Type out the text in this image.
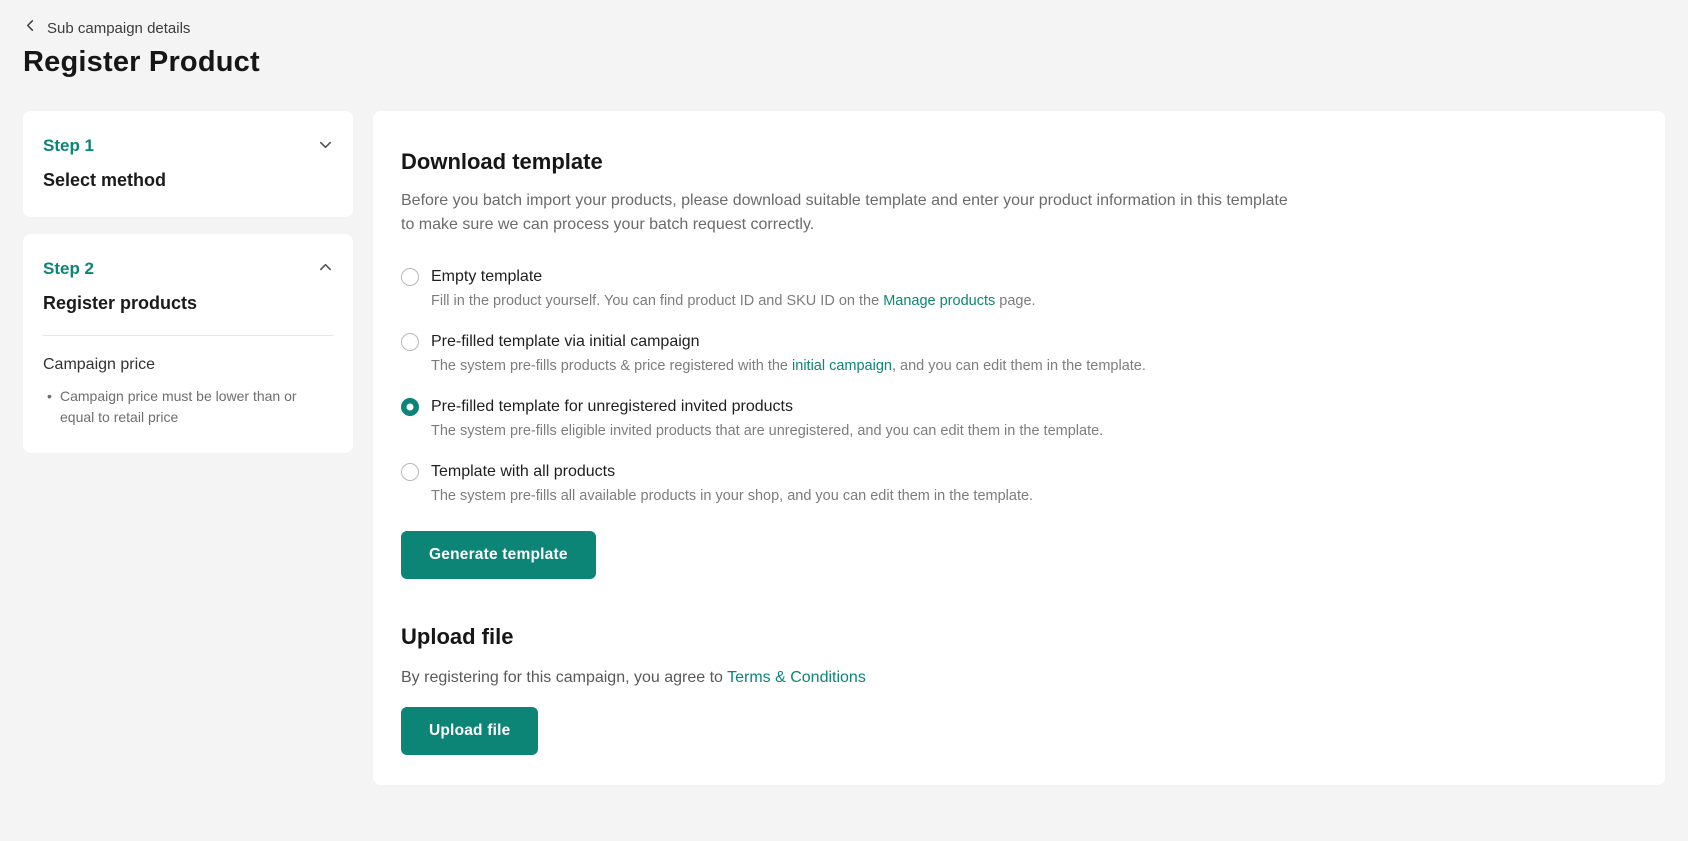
Sub campaign details
Register Product
Step 1
Select method
Step 2
Register products
Campaign price
• Campaign price must be lower than or equal to retail price
Download template
Before you batch import your products, please download suitable template and enter your product information in this template to make sure we can process your batch request correctly.
Empty template
Fill in the product yourself. You can find product ID and SKU ID on the Manage products page.
Pre-filled template via initial campaign
The system pre-fills products & price registered with the initial campaign, and you can edit them in the template.
Pre-filled template for unregistered invited products
The system pre-fills eligible invited products that are unregistered, and you can edit them in the template.
Template with all products
The system pre-fills all available products in your shop, and you can edit them in the template.
Generate template
Upload file
By registering for this campaign, you agree to Terms & Conditions
Upload file
